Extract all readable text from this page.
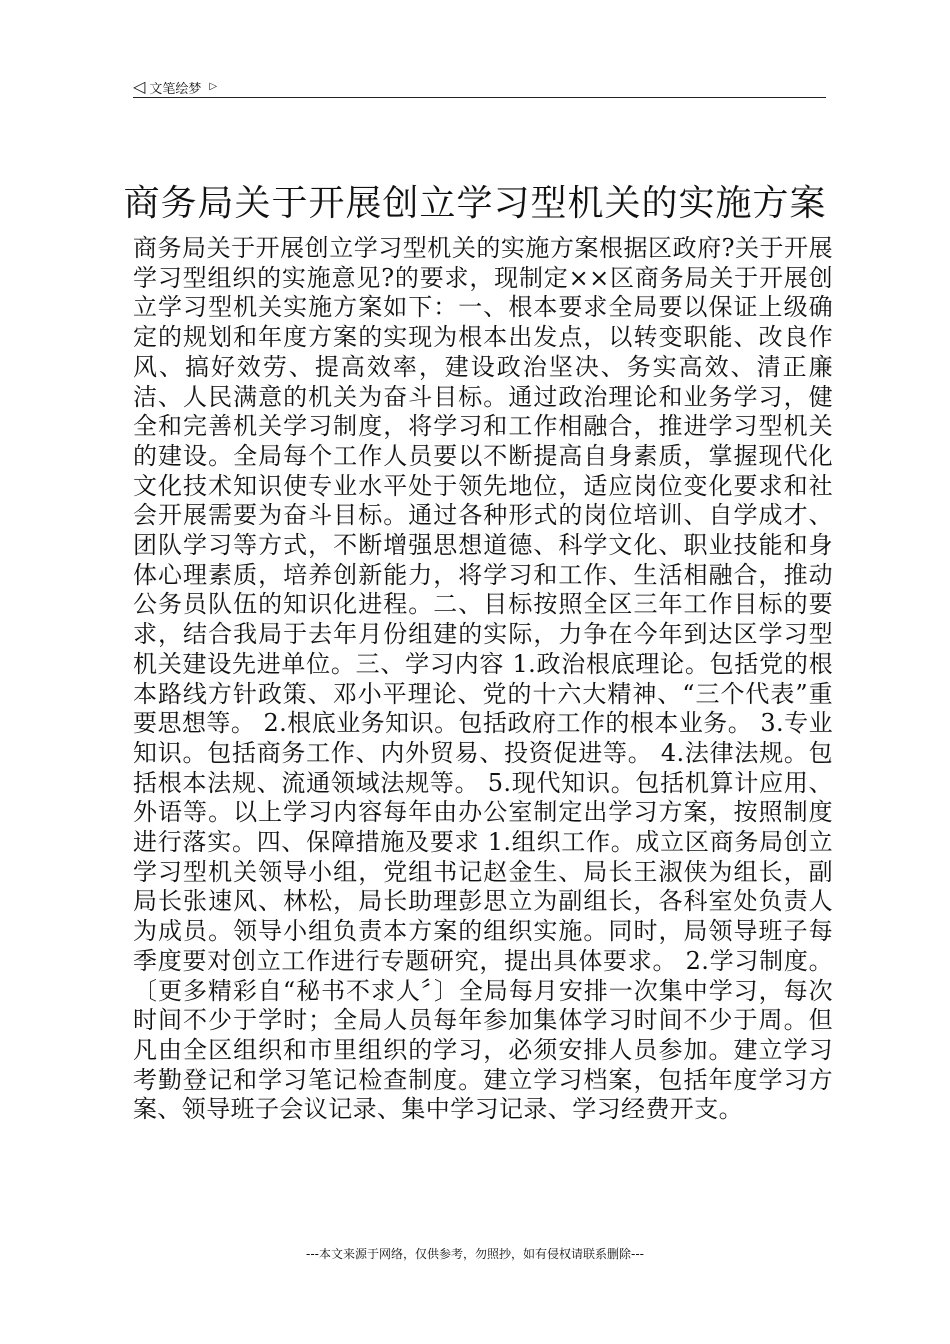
◁ 文笔绘梦 ▷
商务局关于开展创立学习型机关的实施方案
商务局关于开展创立学习型机关的实施方案根据区政府?关于开展学习型组织的实施意见?的要求，现制定××区商务局关于开展创立学习型机关实施方案如下：一、根本要求全局要以保证上级确定的规划和年度方案的实现为根本出发点，以转变职能、改良作风、搞好效劳、提高效率，建设政治坚决、务实高效、清正廉洁、人民满意的机关为奋斗目标。通过政治理论和业务学习，健全和完善机关学习制度，将学习和工作相融合，推进学习型机关的建设。全局每个工作人员要以不断提高自身素质，掌握现代化文化技术知识使专业水平处于领先地位，适应岗位变化要求和社会开展需要为奋斗目标。通过各种形式的岗位培训、自学成才、团队学习等方式，不断增强思想道德、科学文化、职业技能和身体心理素质，培养创新能力，将学习和工作、生活相融合，推动公务员队伍的知识化进程。二、目标按照全区三年工作目标的要求，结合我局于去年月份组建的实际，力争在今年到达区学习型机关建设先进单位。三、学习内容 1.政治根底理论。包括党的根本路线方针政策、邓小平理论、党的十六大精神、“三个代表”重要思想等。 2.根底业务知识。包括政府工作的根本业务。 3.专业知识。包括商务工作、内外贸易、投资促进等。 4.法律法规。包括根本法规、流通领域法规等。 5.现代知识。包括机算计应用、外语等。以上学习内容每年由办公室制定出学习方案，按照制度进行落实。四、保障措施及要求 1.组织工作。成立区商务局创立学习型机关领导小组，党组书记赵金生、局长王淑侠为组长，副局长张速风、林松，局长助理彭思立为副组长，各科室处负责人为成员。领导小组负责本方案的组织实施。同时，局领导班子每季度要对创立工作进行专题研究，提出具体要求。 2.学习制度。〔更多精彩自“秘书不求人〞〕全局每月安排一次集中学习，每次时间不少于学时；全局人员每年参加集体学习时间不少于周。但凡由全区组织和市里组织的学习，必须安排人员参加。建立学习考勤登记和学习笔记检查制度。建立学习档案，包括年度学习方案、领导班子会议记录、集中学习记录、学习经费开支。
---本文来源于网络，仅供参考，勿照抄，如有侵权请联系删除---
